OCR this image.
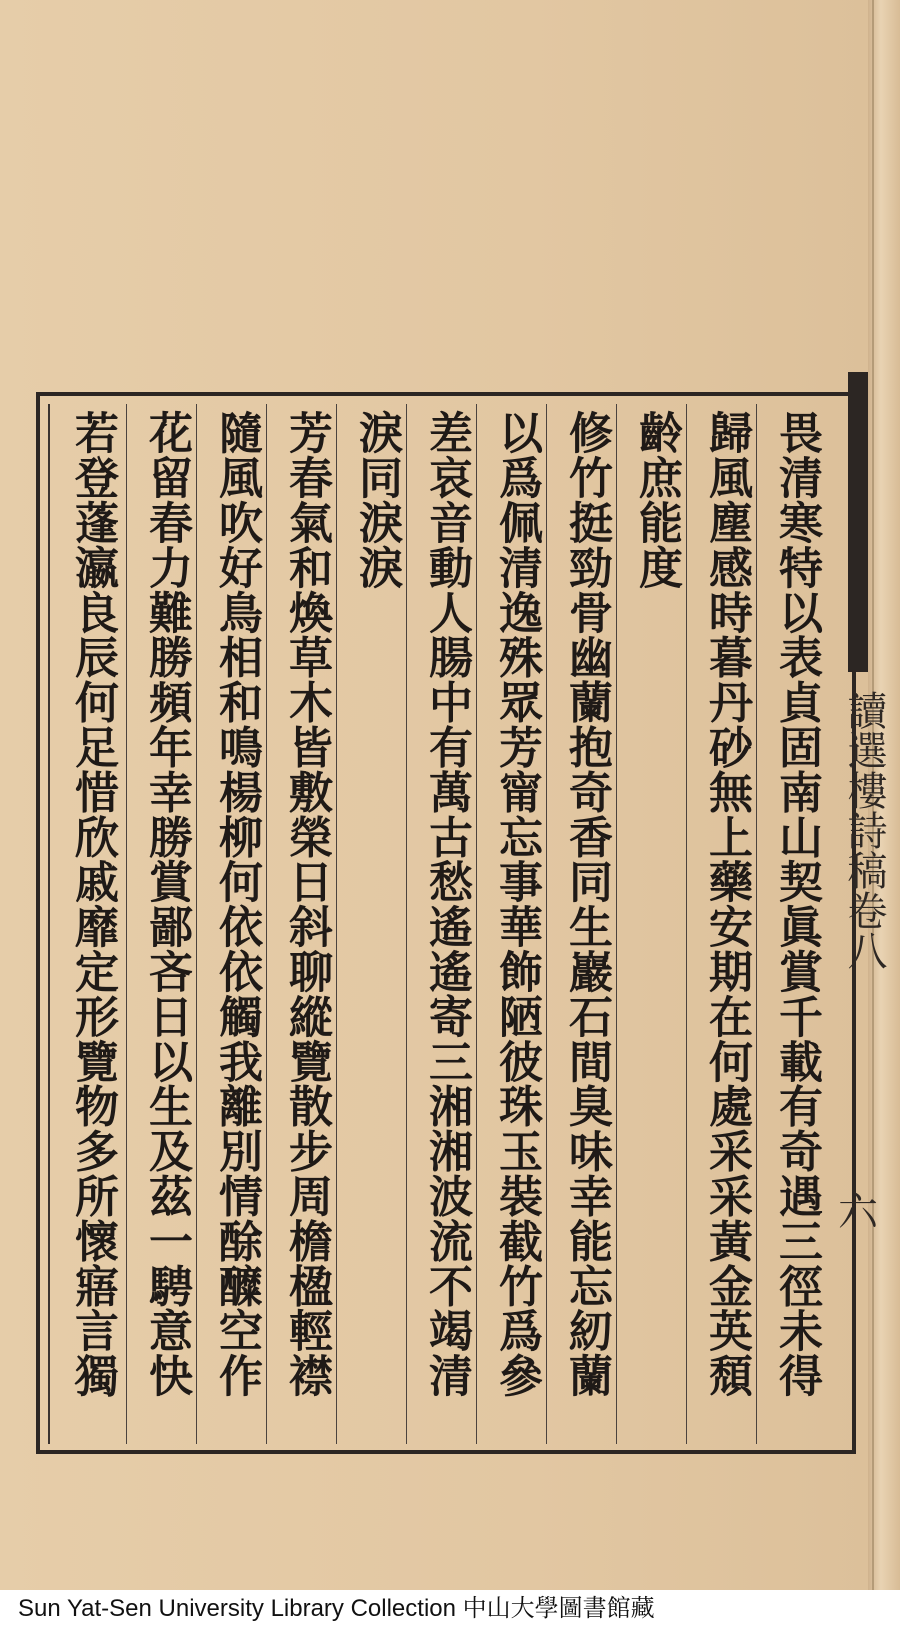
畏清寒特以表貞固南山契眞賞千載有奇遇三徑未得
歸風塵感時暮丹砂無上藥安期在何處采采黃金英頹
齡庶能度
修竹挺勁骨幽蘭抱奇香同生巖石間臭味幸能忘紉蘭
以爲佩清逸殊眾芳甯忘事華飾陋彼珠玉裝截竹爲參
差哀音動人腸中有萬古愁遙遙寄三湘湘波流不竭清
淚同淚淚
芳春氣和煥草木皆敷榮日斜聊縱覽散步周檐楹輕襟
隨風吹好鳥相和鳴楊柳何依依觸我離別情酴醾空作
花留春力難勝頻年幸勝賞鄙吝日以生及茲一騁意快
若登蓬瀛良辰何足惜欣戚靡定形覽物多所懷寤言獨	讀選樓詩稿卷八
六
Sun Yat-Sen University Library Collection 中山大學圖書館藏
